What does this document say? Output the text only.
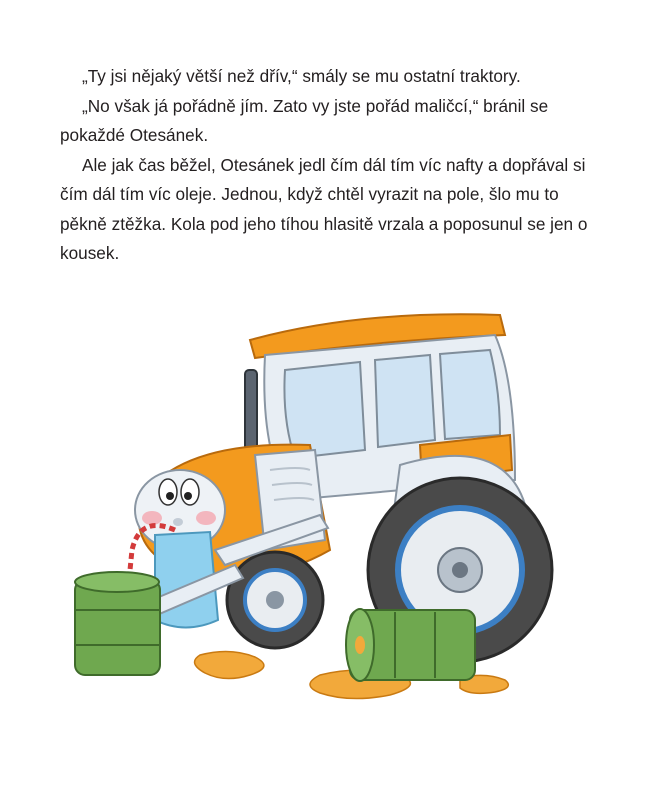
„Ty jsi nějaký větší než dřív,“ smály se mu ostatní traktory.

„No však já pořádně jím. Zato vy jste pořád maličcí,“ bránil se pokaždé Otesánek.

Ale jak čas běžel, Otesánek jedl čím dál tím víc nafty a dopřával si čím dál tím víc oleje. Jednou, když chtěl vyrazit na pole, šlo mu to pěkně ztěžka. Kola pod jeho tíhou hlasitě vrzala a poposunul se jen o kousek.
